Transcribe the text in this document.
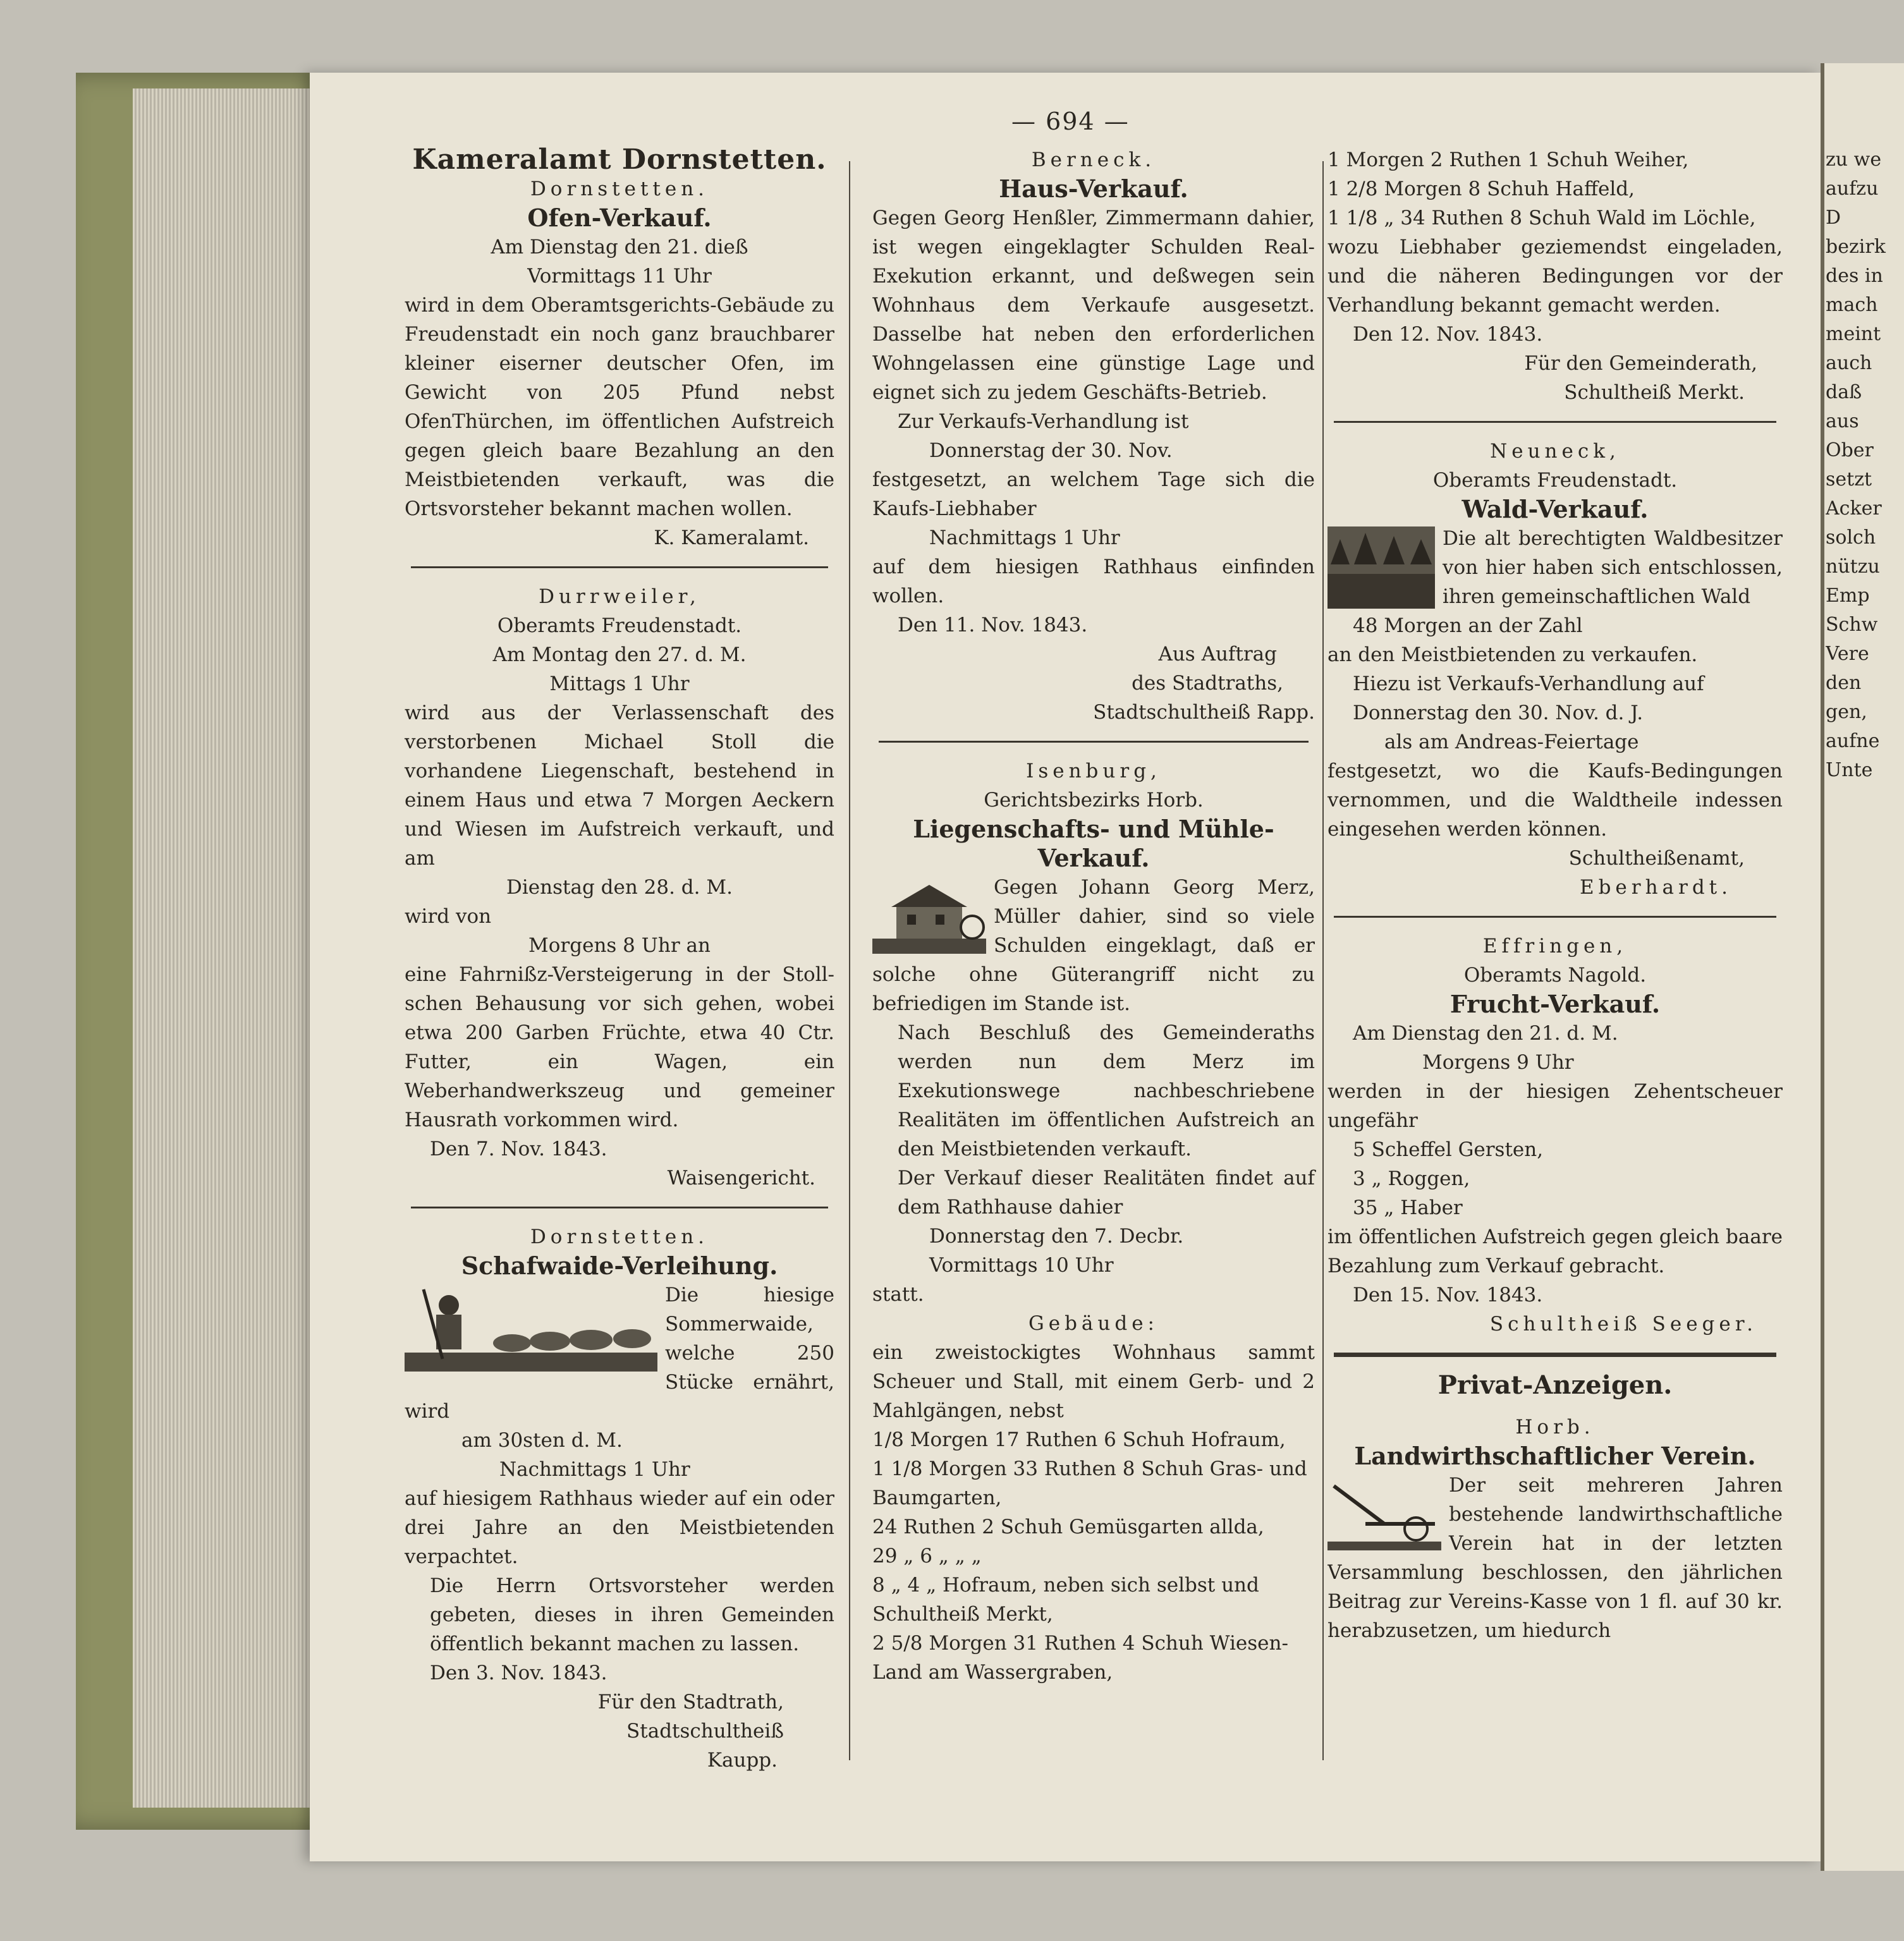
— 694 —
Kameralamt Dornstetten.
Dornstetten.
Ofen-Verkauf.
Am Dienstag den 21. dieß
Vormittags 11 Uhr
wird in dem Oberamtsgerichts-Gebäude zu Freudenstadt ein noch ganz brauchbarer kleiner eiserner deutscher Ofen, im Gewicht von 205 Pfund nebst OfenThürchen, im öffentlichen Aufstreich gegen gleich baare Bezahlung an den Meistbietenden verkauft, was die Ortsvorsteher bekannt machen wollen.
K. Kameralamt.
Durrweiler,
Oberamts Freudenstadt.
Am Montag den 27. d. M.
Mittags 1 Uhr
wird aus der Verlassenschaft des verstorbenen Michael Stoll die vorhandene Liegenschaft, bestehend in einem Haus und etwa 7 Morgen Aeckern und Wiesen im Aufstreich verkauft, und am
Dienstag den 28. d. M.
wird von
Morgens 8 Uhr an
eine Fahrnißz-Versteigerung in der Stoll-schen Behausung vor sich gehen, wobei etwa 200 Garben Früchte, etwa 40 Ctr. Futter, ein Wagen, ein Weberhandwerkszeug und gemeiner Hausrath vorkommen wird.
Den 7. Nov. 1843.
Waisengericht.
Dornstetten.
Schafwaide-Verleihung.
Die hiesige Sommerwaide, welche 250 Stücke ernährt, wird
am 30sten d. M.
Nachmittags 1 Uhr
auf hiesigem Rathhaus wieder auf ein oder drei Jahre an den Meistbietenden verpachtet.
Die Herrn Ortsvorsteher werden gebeten, dieses in ihren Gemeinden öffentlich bekannt machen zu lassen.
Den 3. Nov. 1843.
Für den Stadtrath,
Stadtschultheiß
Kaupp.
Berneck.
Haus-Verkauf.
Gegen Georg Henßler, Zimmermann dahier, ist wegen eingeklagter Schulden Real-Exekution erkannt, und deßwegen sein Wohnhaus dem Verkaufe ausgesetzt. Dasselbe hat neben den erforderlichen Wohngelassen eine günstige Lage und eignet sich zu jedem Geschäfts-Betrieb.
Zur Verkaufs-Verhandlung ist
Donnerstag der 30. Nov.
festgesetzt, an welchem Tage sich die Kaufs-Liebhaber
Nachmittags 1 Uhr
auf dem hiesigen Rathhaus einfinden wollen.
Den 11. Nov. 1843.
Aus Auftrag
des Stadtraths,
Stadtschultheiß Rapp.
Isenburg,
Gerichtsbezirks Horb.
Liegenschafts- und Mühle-Verkauf.
Gegen Johann Georg Merz, Müller dahier, sind so viele Schulden eingeklagt, daß er solche ohne Güterangriff nicht zu befriedigen im Stande ist.
Nach Beschluß des Gemeinderaths werden nun dem Merz im Exekutionswege nachbeschriebene Realitäten im öffentlichen Aufstreich an den Meistbietenden verkauft.
Der Verkauf dieser Realitäten findet auf dem Rathhause dahier
Donnerstag den 7. Decbr.
Vormittags 10 Uhr
statt.
Gebäude:
ein zweistockigtes Wohnhaus sammt Scheuer und Stall, mit einem Gerb- und 2 Mahlgängen, nebst
1/8 Morgen 17 Ruthen 6 Schuh Hofraum,
1 1/8 Morgen 33 Ruthen 8 Schuh Gras- und Baumgarten,
24 Ruthen 2 Schuh Gemüsgarten allda,
29 „ 6 „ „ „
8 „ 4 „ Hofraum, neben sich selbst und Schultheiß Merkt,
2 5/8 Morgen 31 Ruthen 4 Schuh Wiesen-Land am Wassergraben,
1 Morgen 2 Ruthen 1 Schuh Weiher,
1 2/8 Morgen 8 Schuh Haffeld,
1 1/8 „ 34 Ruthen 8 Schuh Wald im Löchle,
wozu Liebhaber geziemendst eingeladen, und die näheren Bedingungen vor der Verhandlung bekannt gemacht werden.
Den 12. Nov. 1843.
Für den Gemeinderath,
Schultheiß Merkt.
Neuneck,
Oberamts Freudenstadt.
Wald-Verkauf.
Die alt berechtigten Waldbesitzer von hier haben sich entschlossen, ihren gemeinschaftlichen Wald
48 Morgen an der Zahl
an den Meistbietenden zu verkaufen.
Hiezu ist Verkaufs-Verhandlung auf
Donnerstag den 30. Nov. d. J.
als am Andreas-Feiertage
festgesetzt, wo die Kaufs-Bedingungen vernommen, und die Waldtheile indessen eingesehen werden können.
Schultheißenamt,
Eberhardt.
Effringen,
Oberamts Nagold.
Frucht-Verkauf.
Am Dienstag den 21. d. M.
Morgens 9 Uhr
werden in der hiesigen Zehentscheuer ungefähr
5 Scheffel Gersten,
3 „ Roggen,
35 „ Haber
im öffentlichen Aufstreich gegen gleich baare Bezahlung zum Verkauf gebracht.
Den 15. Nov. 1843.
Schultheiß Seeger.
Privat-Anzeigen.
Horb.
Landwirthschaftlicher Verein.
Der seit mehreren Jahren bestehende landwirthschaftliche Verein hat in der letzten Versammlung beschlossen, den jährlichen Beitrag zur Vereins-Kasse von 1 fl. auf 30 kr. herabzusetzen, um hiedurch
zu we
aufzu
D
bezirk
des in
mach
meint
auch
daß
aus
Ober
setzt
Acker
solch
nützu
Emp
Schw
Vere
den
gen,
aufne
Unte
